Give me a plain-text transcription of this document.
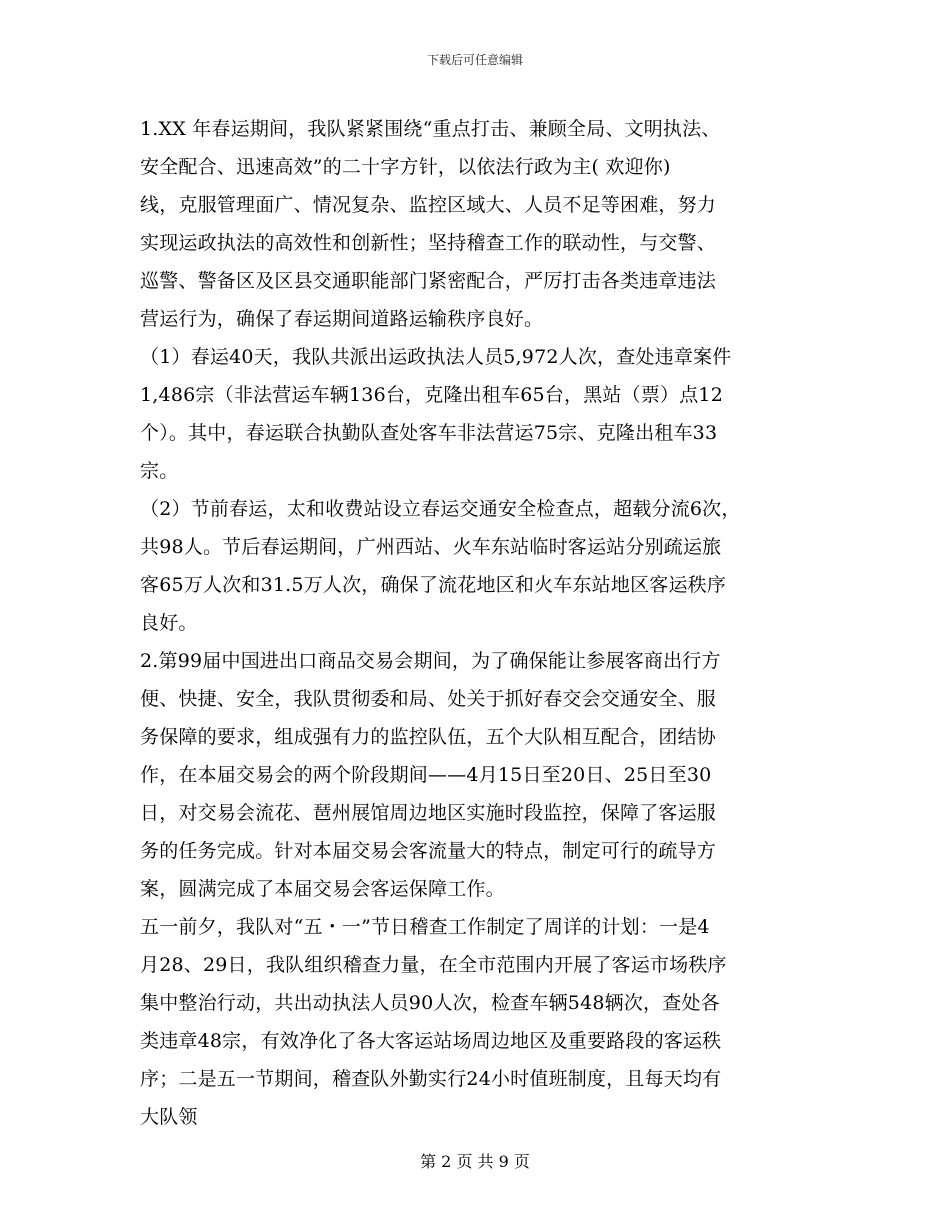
下载后可任意编辑
1.XX 年春运期间，我队紧紧围绕“重点打击、兼顾全局、文明执法、
安全配合、迅速高效”的二十字方针，以依法行政为主( 欢迎你)
线，克服管理面广、情况复杂、监控区域大、人员不足等困难，努力
实现运政执法的高效性和创新性；坚持稽查工作的联动性，与交警、
巡警、警备区及区县交通职能部门紧密配合，严厉打击各类违章违法
营运行为，确保了春运期间道路运输秩序良好。
（1）春运40天，我队共派出运政执法人员5,972人次，查处违章案件
1,486宗（非法营运车辆136台，克隆出租车65台，黑站（票）点12
个）。其中，春运联合执勤队查处客车非法营运75宗、克隆出租车33
宗。
（2）节前春运，太和收费站设立春运交通安全检查点，超载分流6次，
共98人。节后春运期间，广州西站、火车东站临时客运站分别疏运旅
客65万人次和31.5万人次，确保了流花地区和火车东站地区客运秩序
良好。
2.第99届中国进出口商品交易会期间，为了确保能让参展客商出行方
便、快捷、安全，我队贯彻委和局、处关于抓好春交会交通安全、服
务保障的要求，组成强有力的监控队伍，五个大队相互配合，团结协
作，在本届交易会的两个阶段期间——4月15日至20日、25日至30
日，对交易会流花、琶州展馆周边地区实施时段监控，保障了客运服
务的任务完成。针对本届交易会客流量大的特点，制定可行的疏导方
案，圆满完成了本届交易会客运保障工作。
五一前夕，我队对“五・一”节日稽查工作制定了周详的计划：一是4
月28、29日，我队组织稽查力量，在全市范围内开展了客运市场秩序
集中整治行动，共出动执法人员90人次，检查车辆548辆次，查处各
类违章48宗，有效净化了各大客运站场周边地区及重要路段的客运秩
序；二是五一节期间，稽查队外勤实行24小时值班制度，且每天均有
大队领
第 2 页 共 9 页
